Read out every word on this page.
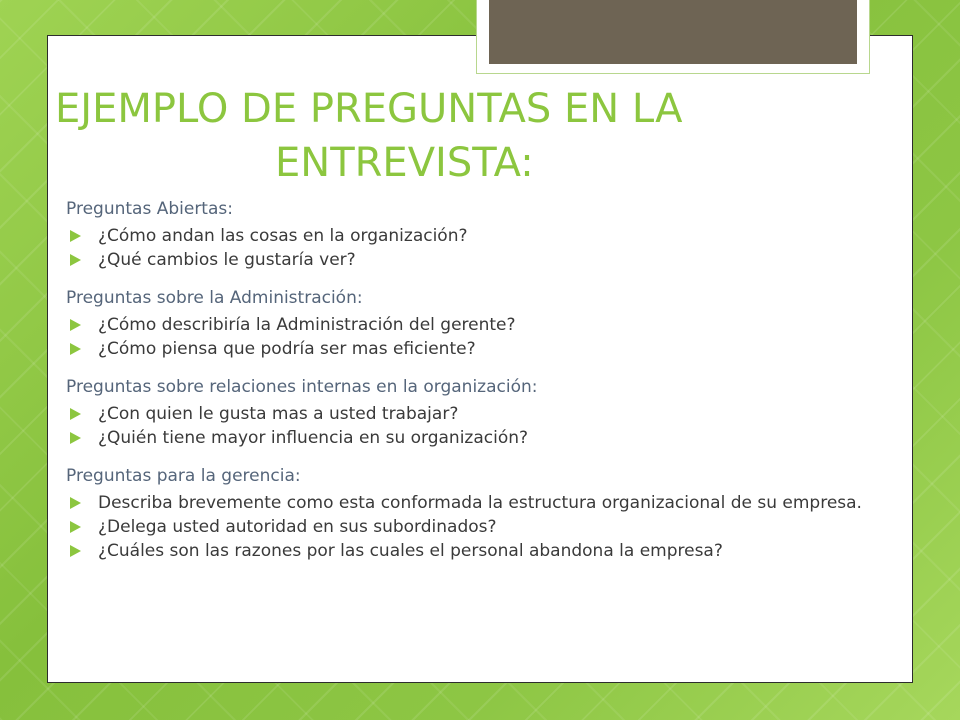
EJEMPLO DE PREGUNTAS EN LA
ENTREVISTA:
Preguntas Abiertas:
¿Cómo andan las cosas en la organización?
¿Qué cambios le gustaría ver?
Preguntas sobre la Administración:
¿Cómo describiría la Administración del gerente?
¿Cómo piensa que podría ser mas eficiente?
Preguntas sobre relaciones internas en la organización:
¿Con quien le gusta mas a usted trabajar?
¿Quién tiene mayor influencia en su organización?
Preguntas para la gerencia:
Describa brevemente como esta conformada la estructura organizacional de su empresa.
¿Delega usted autoridad en sus subordinados?
¿Cuáles son las razones por las cuales el personal abandona la empresa?
